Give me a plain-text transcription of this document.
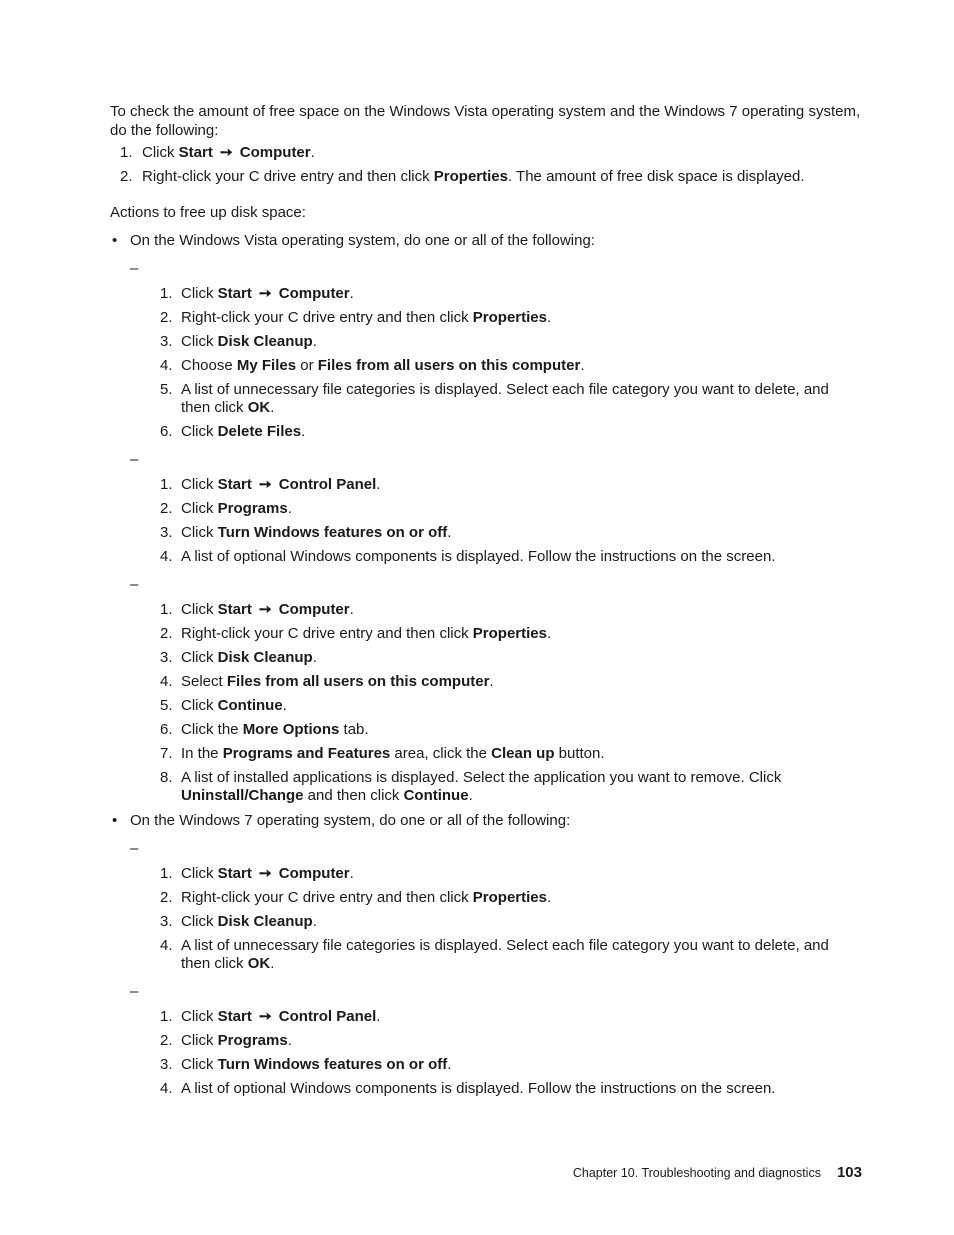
To check the amount of free space on the Windows Vista operating system and the Windows 7 operating system, do the following:

1. Click Start ➙ Computer.
2. Right-click your C drive entry and then click Properties. The amount of free disk space is displayed.

Actions to free up disk space:

• On the Windows Vista operating system, do one or all of the following:
–
1. Click Start ➙ Computer.
2. Right-click your C drive entry and then click Properties.
3. Click Disk Cleanup.
4. Choose My Files or Files from all users on this computer.
5. A list of unnecessary file categories is displayed. Select each file category you want to delete, and then click OK.
6. Click Delete Files.
–
1. Click Start ➙ Control Panel.
2. Click Programs.
3. Click Turn Windows features on or off.
4. A list of optional Windows components is displayed. Follow the instructions on the screen.
–
1. Click Start ➙ Computer.
2. Right-click your C drive entry and then click Properties.
3. Click Disk Cleanup.
4. Select Files from all users on this computer.
5. Click Continue.
6. Click the More Options tab.
7. In the Programs and Features area, click the Clean up button.
8. A list of installed applications is displayed. Select the application you want to remove. Click Uninstall/Change and then click Continue.
• On the Windows 7 operating system, do one or all of the following:
–
1. Click Start ➙ Computer.
2. Right-click your C drive entry and then click Properties.
3. Click Disk Cleanup.
4. A list of unnecessary file categories is displayed. Select each file category you want to delete, and then click OK.
–
1. Click Start ➙ Control Panel.
2. Click Programs.
3. Click Turn Windows features on or off.
4. A list of optional Windows components is displayed. Follow the instructions on the screen.
Chapter 10. Troubleshooting and diagnostics 103
